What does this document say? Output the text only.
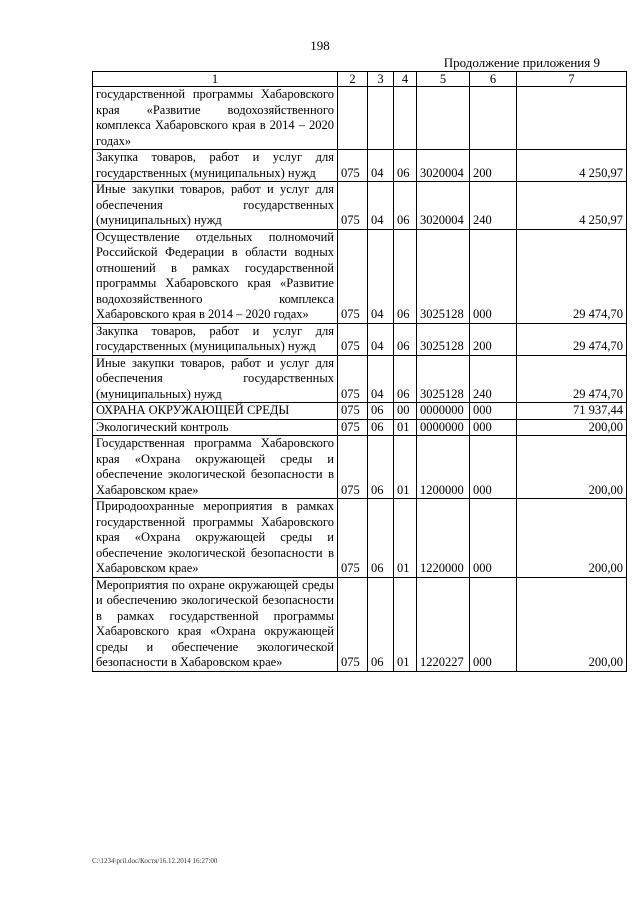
198
Продолжение приложения 9
1	2	3	4	5	6	7
государственной программы Хабаровского края «Развитие водохозяйственного комплекса Хабаровского края в 2014 – 2020 годах»						
Закупка товаров, работ и услуг для государственных (муниципальных) нужд	075	04	06	3020004	200	4 250,97
Иные закупки товаров, работ и услуг для обеспечения государственных (муниципальных) нужд	075	04	06	3020004	240	4 250,97
Осуществление отдельных полномочий Российской Федерации в области водных отношений в рамках государственной программы Хабаровского края «Развитие водохозяйственного комплекса Хабаровского края в 2014 – 2020 годах»	075	04	06	3025128	000	29 474,70
Закупка товаров, работ и услуг для государственных (муниципальных) нужд	075	04	06	3025128	200	29 474,70
Иные закупки товаров, работ и услуг для обеспечения государственных (муниципальных) нужд	075	04	06	3025128	240	29 474,70
ОХРАНА ОКРУЖАЮЩЕЙ СРЕДЫ	075	06	00	0000000	000	71 937,44
Экологический контроль	075	06	01	0000000	000	200,00
Государственная программа Хабаровского края «Охрана окружающей среды и обеспечение экологической безопасности в Хабаровском крае»	075	06	01	1200000	000	200,00
Природоохранные мероприятия в рамках государственной программы Хабаровского края «Охрана окружающей среды и обеспечение экологической безопасности в Хабаровском крае»	075	06	01	1220000	000	200,00
Мероприятия по охране окружающей среды и обеспечению экологической безопасности в рамках государственной программы Хабаровского края «Охрана окружающей среды и обеспечение экологической безопасности в Хабаровском крае»	075	06	01	1220227	000	200,00
C:\1234\pril.doc/Костя/16.12.2014 16:27:00
